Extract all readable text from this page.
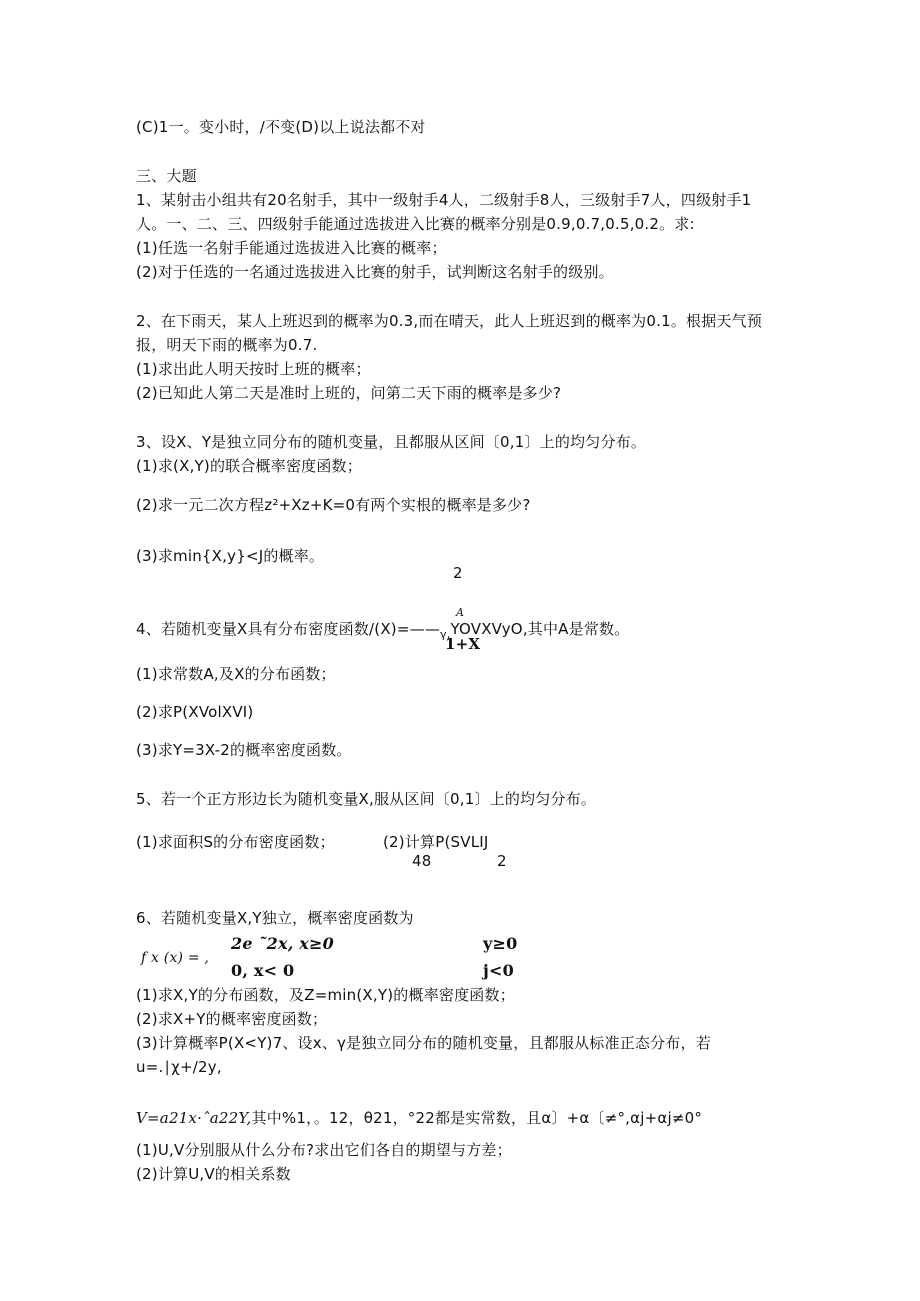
(C)1一。变小时，/不变(D)以上说法都不对
三、大题
1、某射击小组共有20名射手，其中一级射手4人，二级射手8人，三级射手7人，四级射手1
人。一、二、三、四级射手能通过选拔进入比赛的概率分别是0.9,0.7,0.5,0.2。求:
(1)任选一名射手能通过选拔进入比赛的概率；
(2)对于任选的一名通过选拔进入比赛的射手，试判断这名射手的级别。
2、在下雨天，某人上班迟到的概率为0.3,而在晴天，此人上班迟到的概率为0.1。根据天气预
报，明天下雨的概率为0.7.
(1)求出此人明天按时上班的概率；
(2)已知此人第二天是准时上班的，问第二天下雨的概率是多少?
3、设X、Y是独立同分布的随机变量，且都服从区间〔0,1〕上的均匀分布。
(1)求(X,Y)的联合概率密度函数；
(2)求一元二次方程z²+Xz+K=0有两个实根的概率是多少?
(3)求min{X,y}<J的概率。
2
A
4、若随机变量X具有分布密度函数$/(X)=——_{\gamma,}YOVXVyO$,其中A是常数。
1+X
(1)求常数A,及X的分布函数；
(2)求P(XVolXVI)
(3)求Y=3X-2的概率密度函数。
5、若一个正方形边长为随机变量X,服从区间〔0,1〕上的均匀分布。
(1)求面积S的分布密度函数；	(2)计算P(SVLIJ
48	2
6、若随机变量X,Y独立，概率密度函数为
f x (x) = ,
2e ˜2x, x≥0	y≥0
0, x< 0	j<0
(1)求X,Y的分布函数，及Z=min(X,Y)的概率密度函数；
(2)求X+Y的概率密度函数；
(3)计算概率P(X<Y)7、设x、γ是独立同分布的随机变量，且都服从标准正态分布，若
u=.∣χ+/2y,
V=a21x·ˆa22Y,其中%1，。12，θ21，°22都是实常数，且α〕+α〔≠°,αj+αj≠0°
(1)U,V分别服从什么分布?求出它们各自的期望与方差；
(2)计算U,V的相关系数
